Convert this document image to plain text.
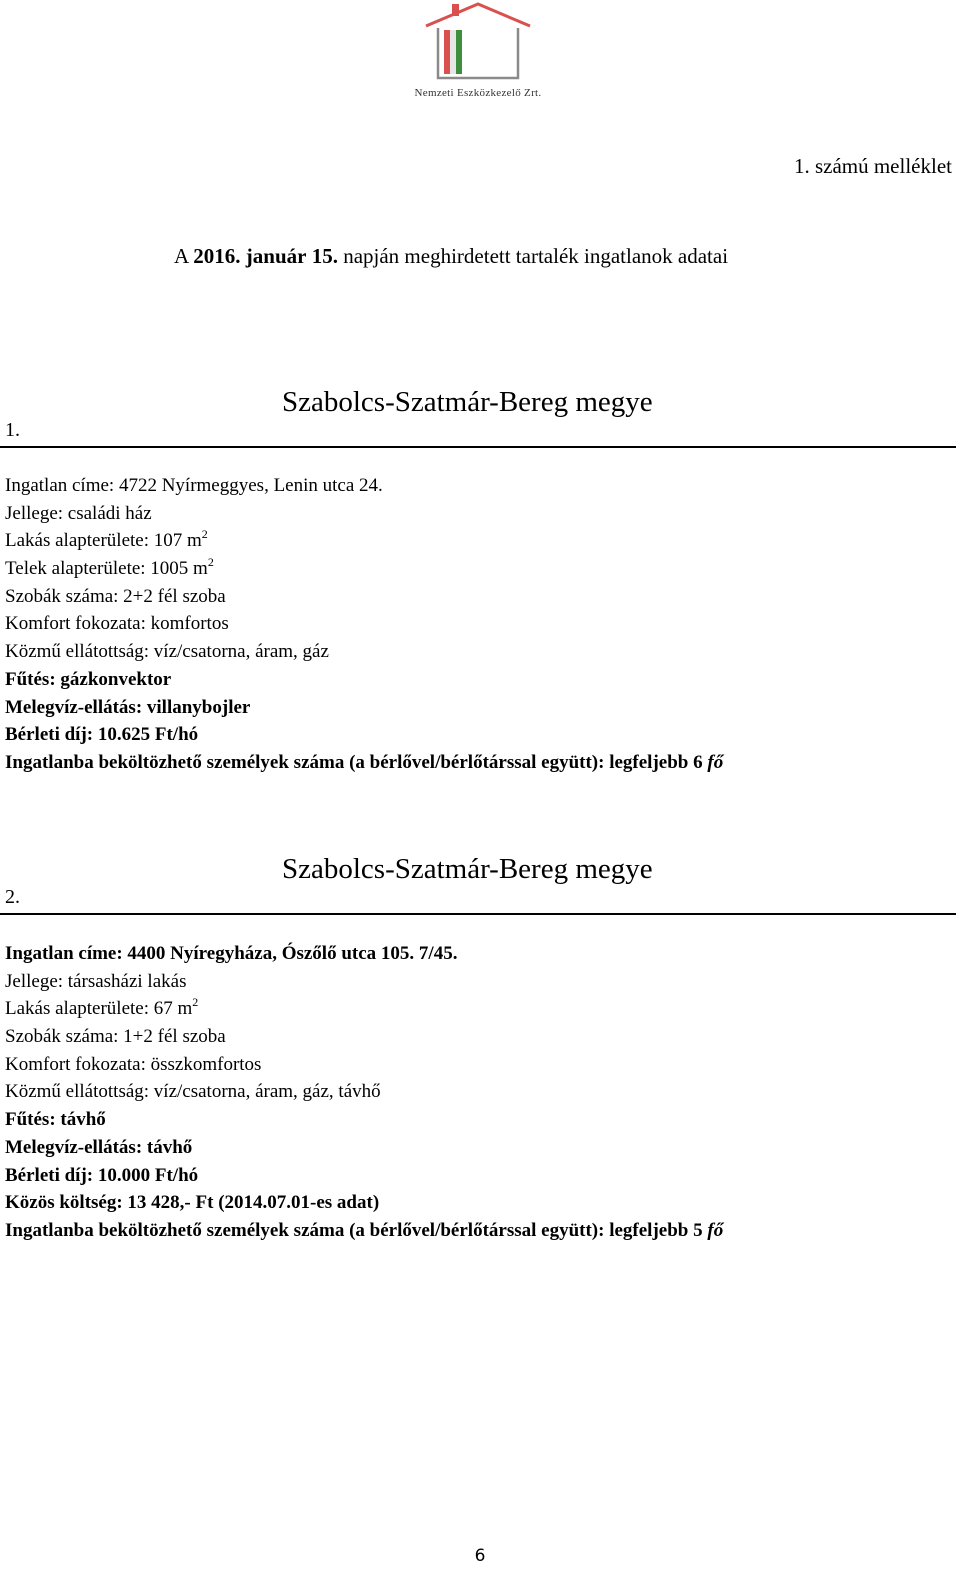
Nemzeti Eszközkezelő Zrt.
1. számú melléklet
A 2016. január 15. napján meghirdetett tartalék ingatlanok adatai
1.
Szabolcs-Szatmár-Bereg megye
Ingatlan címe: 4722 Nyírmeggyes, Lenin utca 24.
Jellege: családi ház
Lakás alapterülete: 107 $m^2$
Telek alapterülete: 1005 $m^2$
Szobák száma: 2+2 fél szoba
Komfort fokozata: komfortos
Közmű ellátottság: víz/csatorna, áram, gáz
Fűtés: gázkonvektor
Melegvíz-ellátás: villanybojler
Bérleti díj: 10.625 Ft/hó
Ingatlanba beköltözhető személyek száma (a bérlővel/bérlőtárssal együtt): legfeljebb 6 fő
2.
Szabolcs-Szatmár-Bereg megye
Ingatlan címe: 4400 Nyíregyháza, Ószőlő utca 105. 7/45.
Jellege: társasházi lakás
Lakás alapterülete: 67 $m^2$
Szobák száma: 1+2 fél szoba
Komfort fokozata: összkomfortos
Közmű ellátottság: víz/csatorna, áram, gáz, távhő
Fűtés: távhő
Melegvíz-ellátás: távhő
Bérleti díj: 10.000 Ft/hó
Közös költség: 13 428,- Ft (2014.07.01-es adat)
Ingatlanba beköltözhető személyek száma (a bérlővel/bérlőtárssal együtt): legfeljebb 5 fő
6
